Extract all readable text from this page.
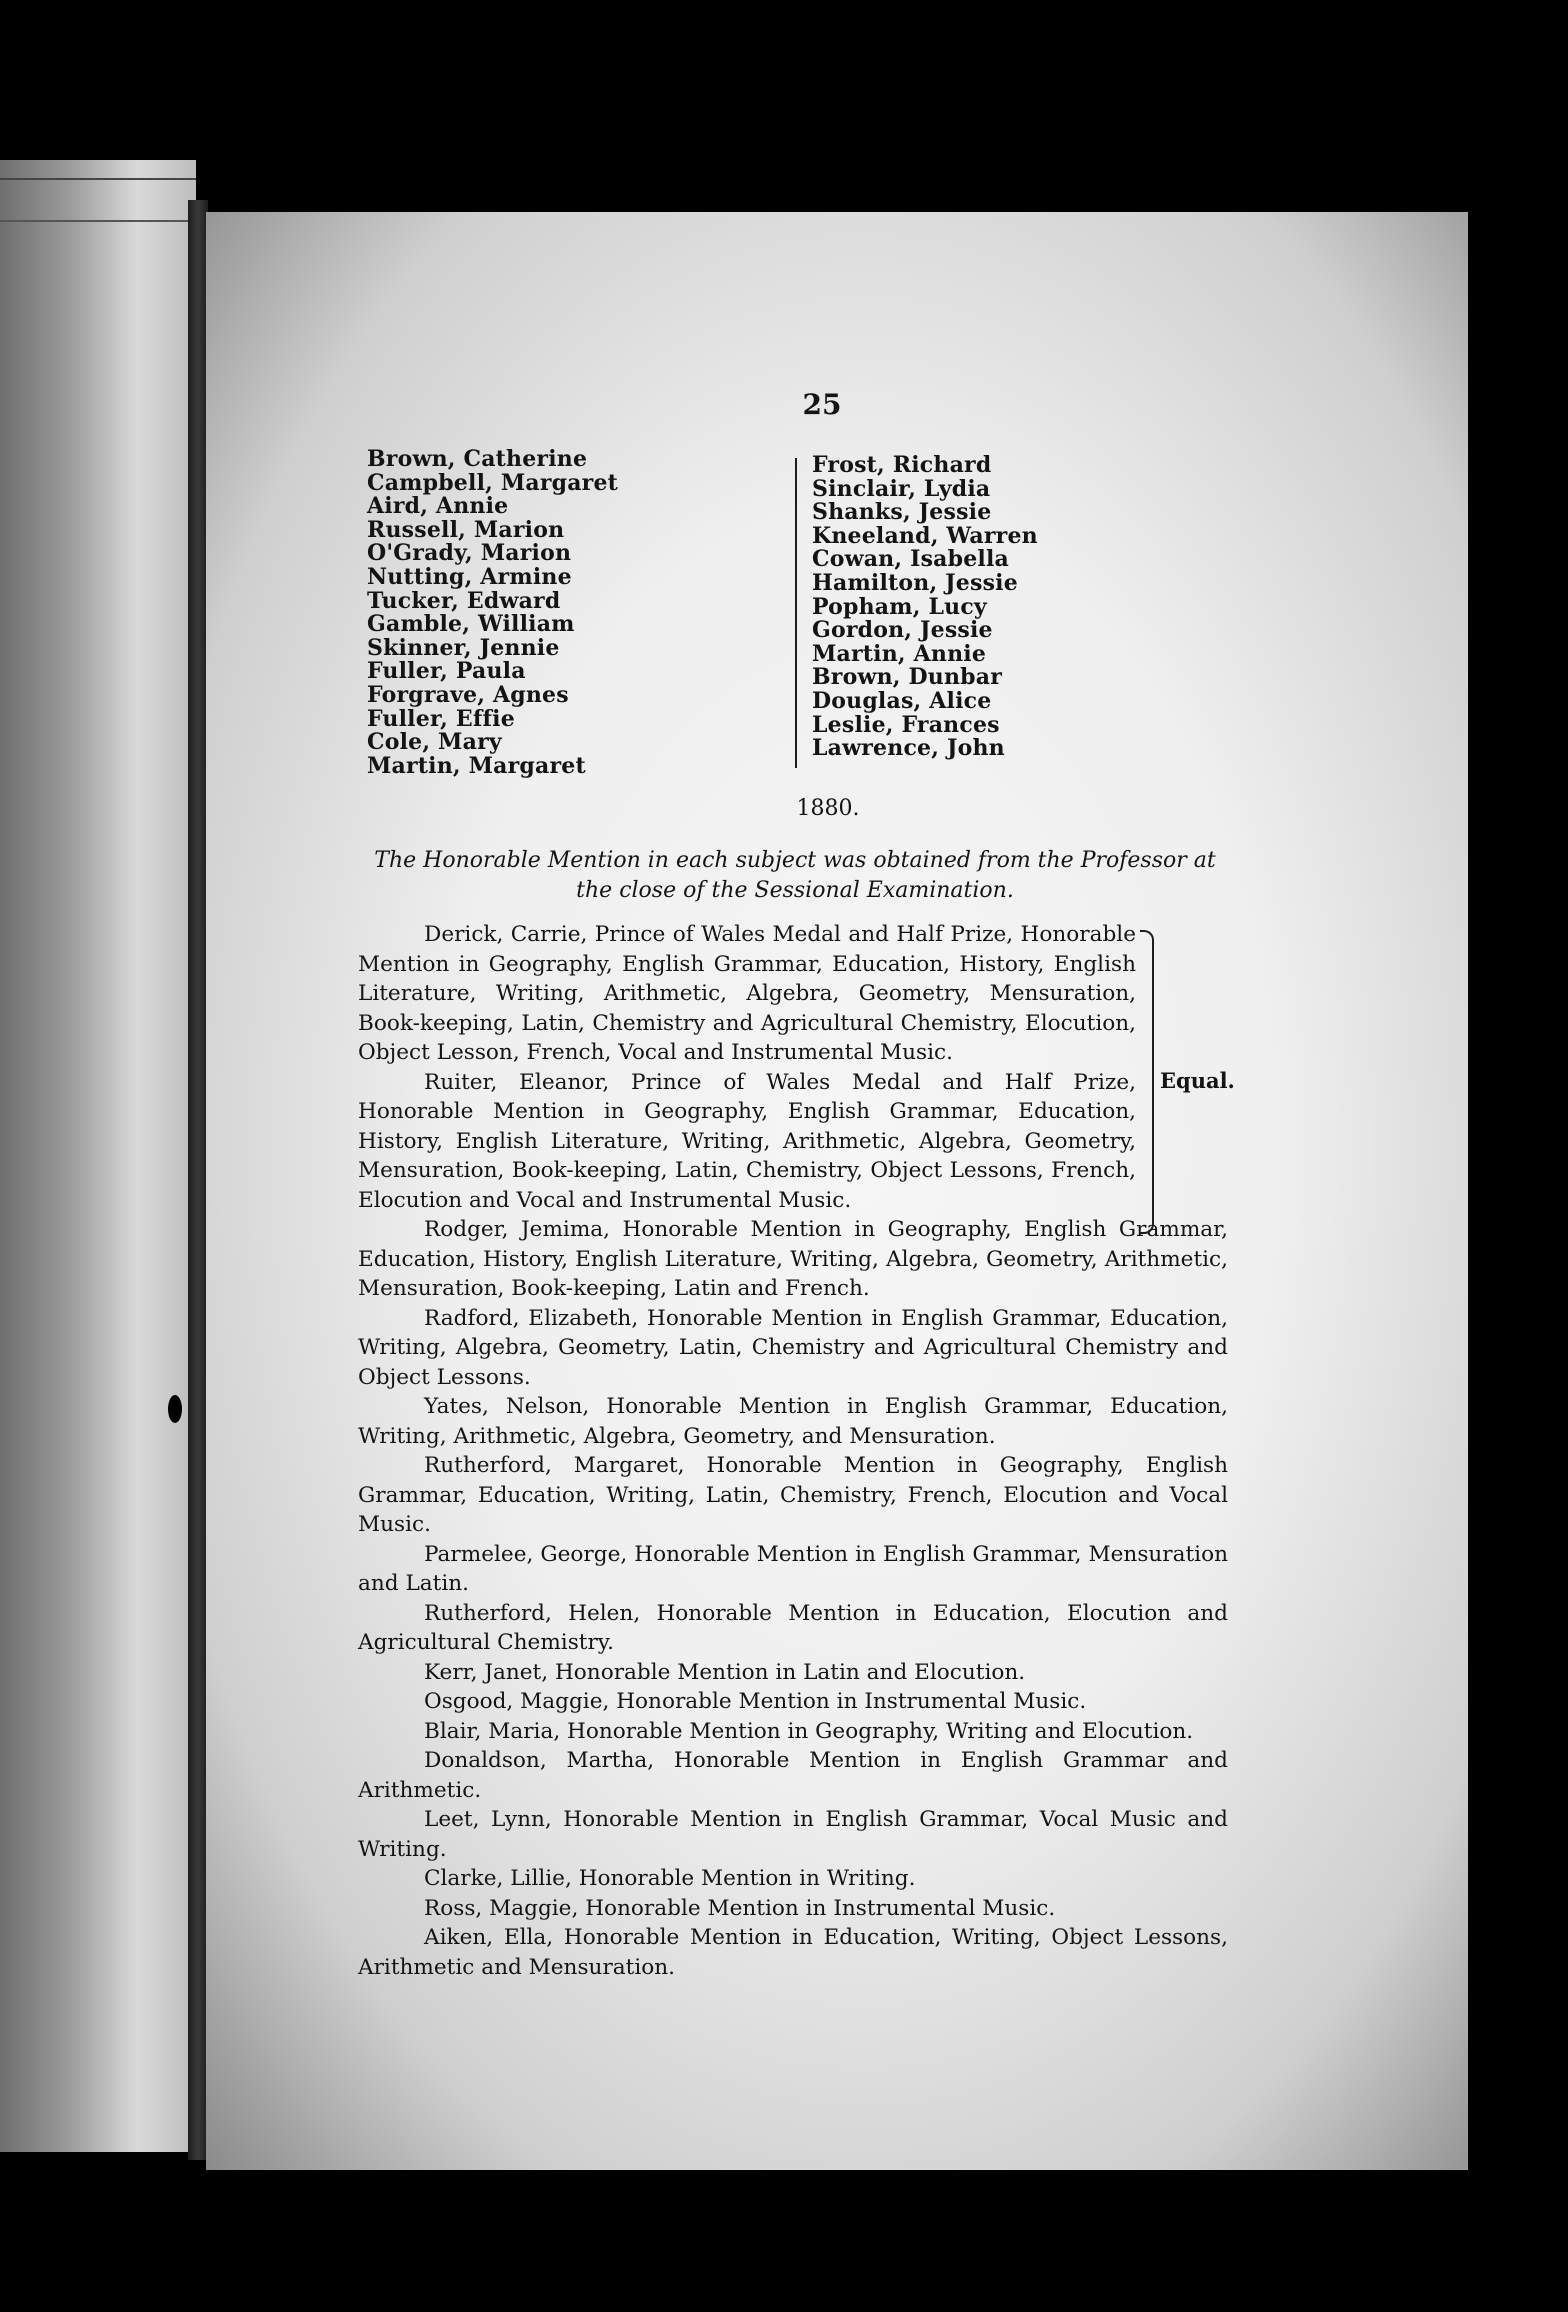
25
Brown, Catherine
Campbell, Margaret
Aird, Annie
Russell, Marion
O'Grady, Marion
Nutting, Armine
Tucker, Edward
Gamble, William
Skinner, Jennie
Fuller, Paula
Forgrave, Agnes
Fuller, Effie
Cole, Mary
Martin, Margaret
Frost, Richard
Sinclair, Lydia
Shanks, Jessie
Kneeland, Warren
Cowan, Isabella
Hamilton, Jessie
Popham, Lucy
Gordon, Jessie
Martin, Annie
Brown, Dunbar
Douglas, Alice
Leslie, Frances
Lawrence, John
1880.
The Honorable Mention in each subject was obtained from the Professor at the close of the Sessional Examination.

Derick, Carrie, Prince of Wales Medal and Half Prize, Honorable Mention in Geography, English Grammar, Education, History, English Literature, Writing, Arithmetic, Algebra, Geometry, Mensuration, Book-keeping, Latin, Chemistry and Agricultural Chemistry, Elocution, Object Lesson, French, Vocal and Instrumental Music.

Ruiter, Eleanor, Prince of Wales Medal and Half Prize, Honorable Mention in Geography, English Grammar, Education, History, English Literature, Writing, Arithmetic, Algebra, Geometry, Mensuration, Book-keeping, Latin, Chemistry, Object Lessons, French, Elocution and Vocal and Instrumental Music.

Rodger, Jemima, Honorable Mention in Geography, English Grammar, Education, History, English Literature, Writing, Algebra, Geometry, Arithmetic, Mensuration, Book-keeping, Latin and French.

Radford, Elizabeth, Honorable Mention in English Grammar, Education, Writing, Algebra, Geometry, Latin, Chemistry and Agricultural Chemistry and Object Lessons.

Yates, Nelson, Honorable Mention in English Grammar, Education, Writing, Arithmetic, Algebra, Geometry, and Mensuration.

Rutherford, Margaret, Honorable Mention in Geography, English Grammar, Education, Writing, Latin, Chemistry, French, Elocution and Vocal Music.

Parmelee, George, Honorable Mention in English Grammar, Mensuration and Latin.

Rutherford, Helen, Honorable Mention in Education, Elocution and Agricultural Chemistry.

Kerr, Janet, Honorable Mention in Latin and Elocution.

Osgood, Maggie, Honorable Mention in Instrumental Music.

Blair, Maria, Honorable Mention in Geography, Writing and Elocution.

Donaldson, Martha, Honorable Mention in English Grammar and Arithmetic.

Leet, Lynn, Honorable Mention in English Grammar, Vocal Music and Writing.

Clarke, Lillie, Honorable Mention in Writing.

Ross, Maggie, Honorable Mention in Instrumental Music.

Aiken, Ella, Honorable Mention in Education, Writing, Object Lessons, Arithmetic and Mensuration.

Equal.
